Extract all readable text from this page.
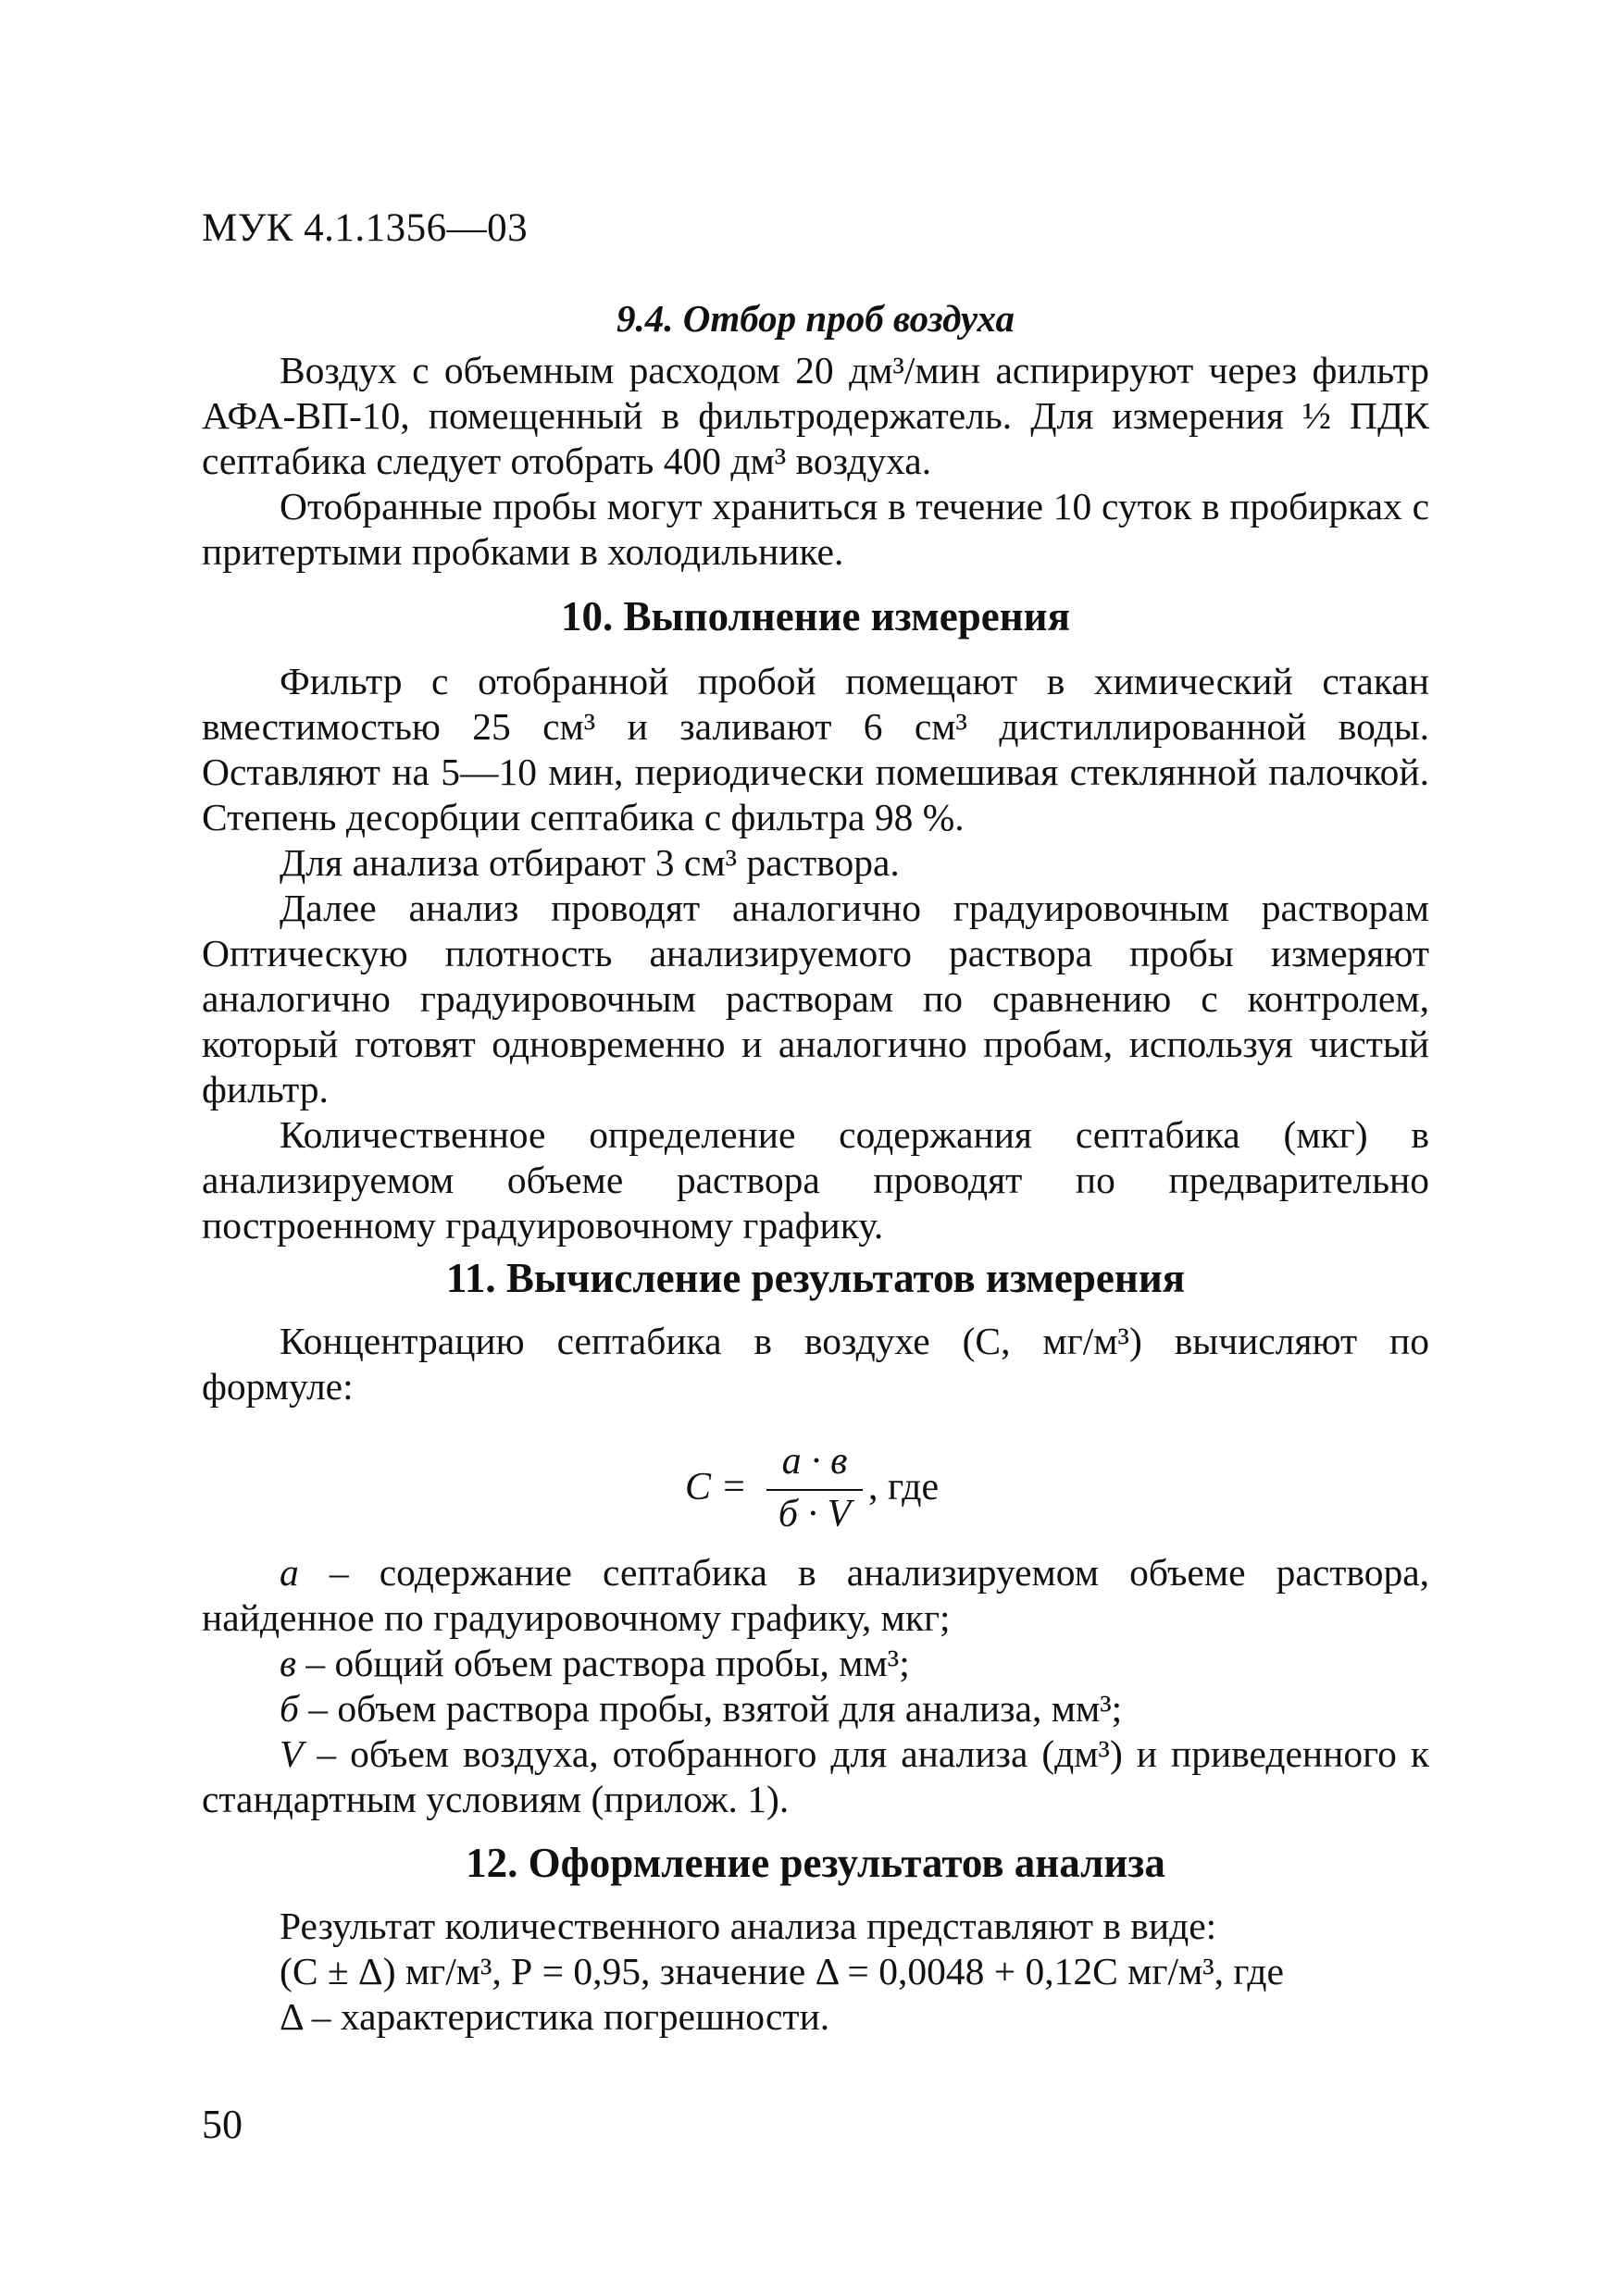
МУК 4.1.1356—03
9.4. Отбор проб воздуха

Воздух с объемным расходом 20 дм³/мин аспирируют через фильтр АФА-ВП-10, помещенный в фильтродержатель. Для измерения ½ ПДК септабика следует отобрать 400 дм³ воздуха.

Отобранные пробы могут храниться в течение 10 суток в пробирках с притертыми пробками в холодильнике.

10. Выполнение измерения

Фильтр с отобранной пробой помещают в химический стакан вместимостью 25 см³ и заливают 6 см³ дистиллированной воды. Оставляют на 5—10 мин, периодически помешивая стеклянной палочкой. Степень десорбции септабика с фильтра 98 %.

Для анализа отбирают 3 см³ раствора.

Далее анализ проводят аналогично градуировочным растворам Оптическую плотность анализируемого раствора пробы измеряют аналогично градуировочным растворам по сравнению с контролем, который готовят одновременно и аналогично пробам, используя чистый фильтр.

Количественное определение содержания септабика (мкг) в анализируемом объеме раствора проводят по предварительно построенному градуировочному графику.

11. Вычисление результатов измерения

Концентрацию септабика в воздухе (С, мг/м³) вычисляют по формуле:

С =
а · в
б · V
, где

а – содержание септабика в анализируемом объеме раствора, найденное по градуировочному графику, мкг;

в – общий объем раствора пробы, мм³;

б – объем раствора пробы, взятой для анализа, мм³;

V – объем воздуха, отобранного для анализа (дм³) и приведенного к стандартным условиям (прилож. 1).

12. Оформление результатов анализа

Результат количественного анализа представляют в виде:

(С ± Δ) мг/м³, Р = 0,95, значение Δ = 0,0048 + 0,12С мг/м³, где

Δ – характеристика погрешности.

50
